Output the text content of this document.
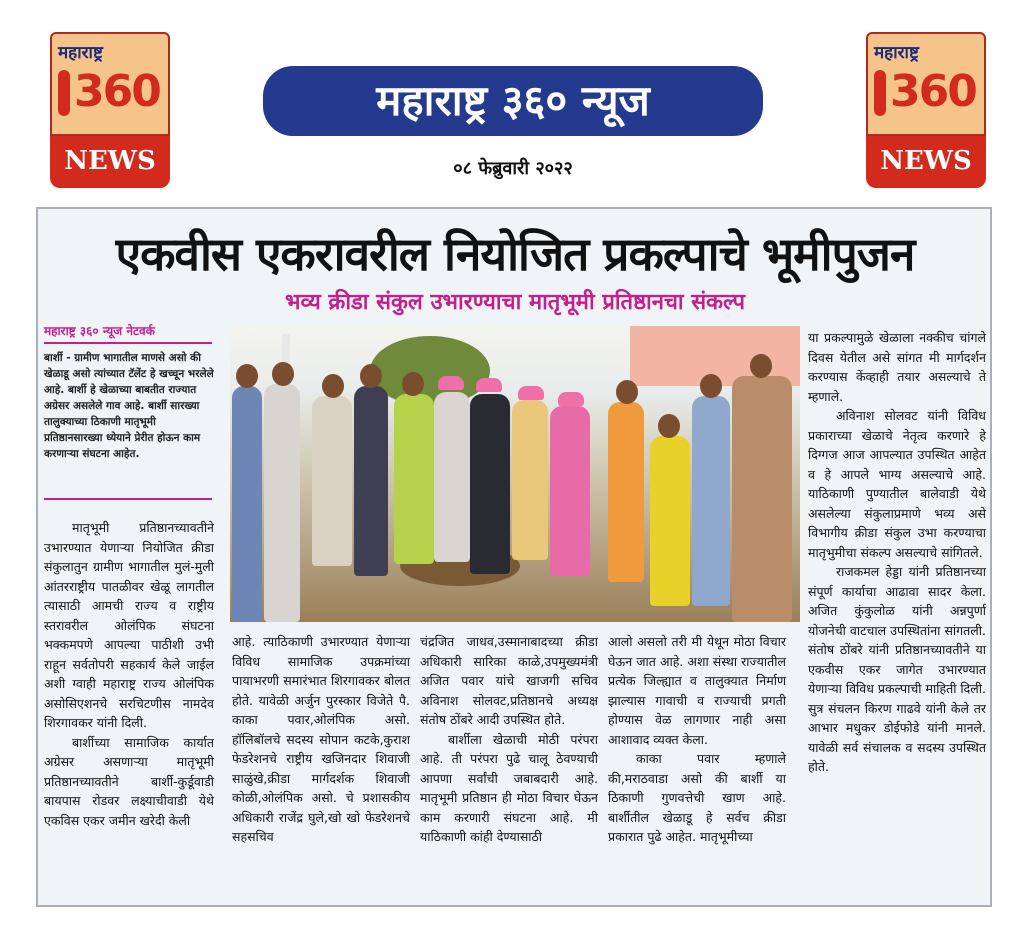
महाराष्ट्र
360
NEWS
महाराष्ट्र
360
NEWS
महाराष्ट्र ३६० न्यूज
०८ फेब्रुवारी २०२२
एकवीस एकरावरील नियोजित प्रकल्पाचे भूमीपुजन
भव्य क्रीडा संकुल उभारण्याचा मातृभूमी प्रतिष्ठानचा संकल्प
महाराष्ट्र ३६० न्यूज नेटवर्क
बार्शी - ग्रामीण भागातील माणसे असो की खेळाडू असो त्यांच्यात टॅलेंट हे खच्चून भरलेले आहे. बार्शी हे खेळाच्या बाबतीत राज्यात अग्रेसर असलेले गाव आहे. बार्शी सारख्या तालुक्याच्या ठिकाणी मातृभूमी प्रतिष्ठानसारख्या ध्येयाने प्रेरीत होऊन काम करणाऱ्या संघटना आहेत.

मातृभूमी प्रतिष्ठानच्यावतीने उभारण्यात येणाऱ्या नियोजित क्रीडा संकुलातुन ग्रामीण भागातील मुलं-मुली आंतरराष्ट्रीय पातळीवर खेळू लागतील त्यासाठी आमची राज्य व राष्ट्रीय स्तरावरील ओलंपिक संघटना भक्कमपणे आपल्या पाठीशी उभी राहून सर्वतोपरी सहकार्य केले जाईल अशी ग्वाही महाराष्ट्र राज्य ओलंपिक असोसिएशनचे सरचिटणीस नामदेव शिरगावकर यांनी दिली.

बार्शीच्या सामाजिक कार्यात अग्रेसर असणाऱ्या मातृभूमी प्रतिष्ठानच्यावतीने बार्शी-कुर्डूवाडी बायपास रोडवर लक्ष्याचीवाडी येथे एकविस एकर जमीन खरेदी केली

आहे. त्याठिकाणी उभारण्यात येणाऱ्या विविध सामाजिक उपक्रमांच्या पायाभरणी समारंभात शिरगावकर बोलत होते. यावेळी अर्जुन पुरस्कार विजेते पै. काका पवार,ओलंपिक असो. हॉलिबॉलचे सदस्य सोपान कटके,कुराश फेडरेशनचे राष्ट्रीय खजिनदार शिवाजी साळुंखे,क्रीडा मार्गदर्शक शिवाजी कोळी,ओलंपिक असो. चे प्रशासकीय अधिकारी राजेंद्र घुले,खो खो फेडरेशनचे सहसचिव

चंद्रजित जाधव,उस्मानाबादच्या क्रीडा अधिकारी सारिका काळे,उपमुख्यमंत्री अजित पवार यांचे खाजगी सचिव अविनाश सोलवट,प्रतिष्ठानचे अध्यक्ष संतोष ठोंबरे आदी उपस्थित होते.

बार्शीला खेळाची मोठी परंपरा आहे. ती परंपरा पुढे चालू ठेवण्याची आपणा सर्वांची जबाबदारी आहे. मातृभूमी प्रतिष्ठान ही मोठा विचार घेऊन काम करणारी संघटना आहे. मी याठिकाणी कांही देण्यासाठी

आलो असलो तरी मी येथून मोठा विचार घेऊन जात आहे. अशा संस्था राज्यातील प्रत्येक जिल्ह्यात व तालुक्यात निर्माण झाल्यास गावाची व राज्याची प्रगती होण्यास वेळ लागणार नाही असा आशावाद व्यक्त केला.

काका पवार म्हणाले की,मराठवाडा असो की बार्शी या ठिकाणी गुणवत्तेची खाण आहे. बार्शीतील खेळाडू हे सर्वच क्रीडा प्रकारात पुढे आहेत. मातृभूमीच्या

या प्रकल्पामुळे खेळाला नक्कीच चांगले दिवस येतील असे सांगत मी मार्गदर्शन करण्यास केंव्हाही तयार असल्याचे ते म्हणाले.

अविनाश सोलवट यांनी विविध प्रकाराच्या खेळाचे नेतृत्व करणारे हे दिग्गज आज आपल्यात उपस्थित आहेत व हे आपले भाग्य असल्याचे आहे. याठिकाणी पुण्यातील बालेवाडी येथे असलेल्या संकुलाप्रमाणे भव्य असे विभागीय क्रीडा संकुल उभा करण्याचा मातृभुमीचा संकल्प असल्याचे सांगितले.

राजकमल हेड्डा यांनी प्रतिष्ठानच्या संपूर्ण कार्याचा आढावा सादर केला. अजित कुंकुलोळ यांनी अन्नपुर्णा योजनेची वाटचाल उपस्थितांना सांगतली. संतोष ठोंबरे यांनी प्रतिष्ठानच्यावतीने या एकवीस एकर जागेत उभारण्यात येणाऱ्या विविध प्रकल्पाची माहिती दिली. सुत्र संचलन किरण गाढवे यांनी केले तर आभार मधुकर डोईफोडे यांनी मानले. यावेळी सर्व संचालक व सदस्य उपस्थित होते.
